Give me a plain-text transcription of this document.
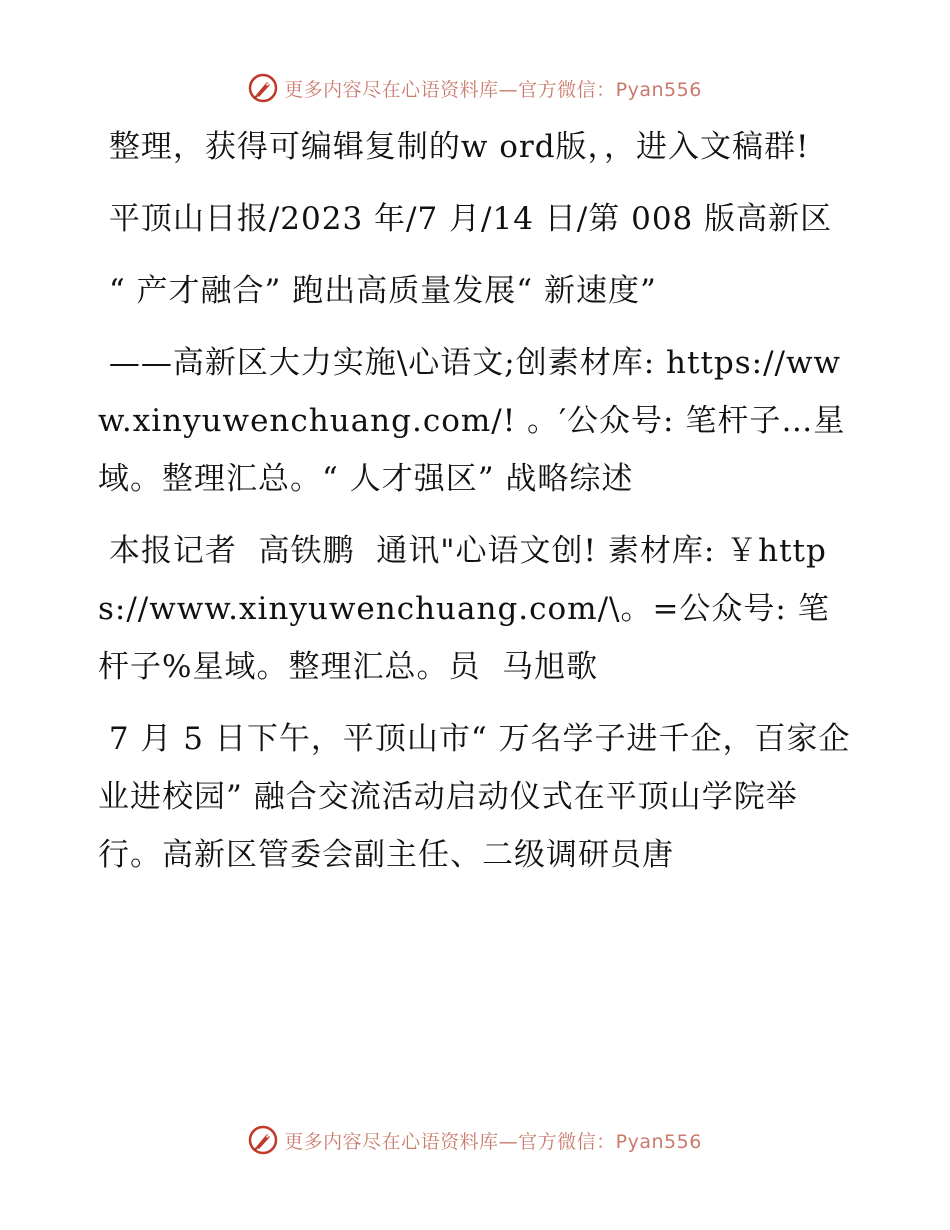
更多内容尽在心语资料库—官方微信：Pyan556

整理，获得可编辑复制的w ord版，，进入文稿群!

平顶山日报/2023 年/7 月/14 日/第 008 版高新区

“ 产才融合” 跑出高质量发展“ 新速度”

——高新区大力实施\心语文;创素材库: https://www.xinyuwenchuang.com/! 。′公众号: 笔杆子…星域。整理汇总。“ 人才强区” 战略综述

本报记者  高铁鹏  通讯"心语文创! 素材库: ￥https://www.xinyuwenchuang.com/\。=公众号: 笔杆子%星域。整理汇总。员  马旭歌

7 月 5 日下午，平顶山市“ 万名学子进千企，百家企业进校园” 融合交流活动启动仪式在平顶山学院举行。高新区管委会副主任、二级调研员唐

更多内容尽在心语资料库—官方微信：Pyan556
